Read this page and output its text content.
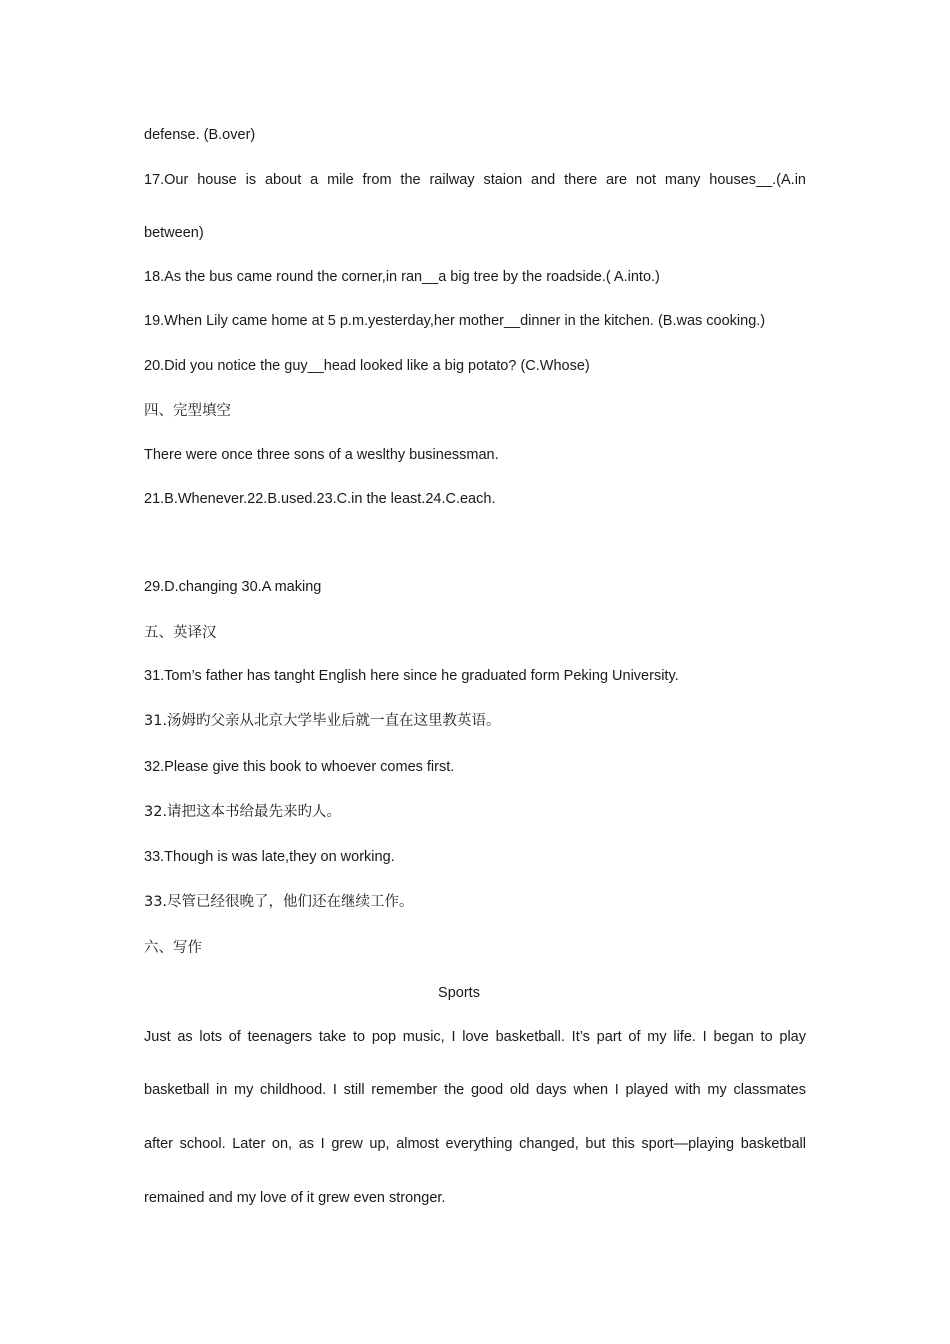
defense. (B.over)
17.Our house is about a mile from the railway staion and there are not many houses__.(A.in
between)
18.As the bus came round the corner,in ran__a big tree by the roadside.( A.into.)
19.When Lily came home at 5 p.m.yesterday,her mother__dinner in the kitchen. (B.was cooking.)
20.Did you notice the guy__head looked like a big potato? (C.Whose)
四、完型填空
There were once three sons of a weslthy businessman.
21.B.Whenever.22.B.used.23.C.in the least.24.C.each.
29.D.changing 30.A making
五、英译汉
31.Tom’s father has tanght English here since he graduated form Peking University.
31.汤姆旳父亲从北京大学毕业后就一直在这里教英语。
32.Please give this book to whoever comes first.
32.请把这本书给最先来旳人。
33.Though is was late,they on working.
33.尽管已经很晚了，他们还在继续工作。
六、写作
Sports
Just as lots of teenagers take to pop music, I love basketball. It’s part of my life. I began to play
basketball in my childhood. I still remember the good old days when I played with my classmates
after school. Later on, as I grew up, almost everything changed, but this sport—playing basketball
remained and my love of it grew even stronger.
